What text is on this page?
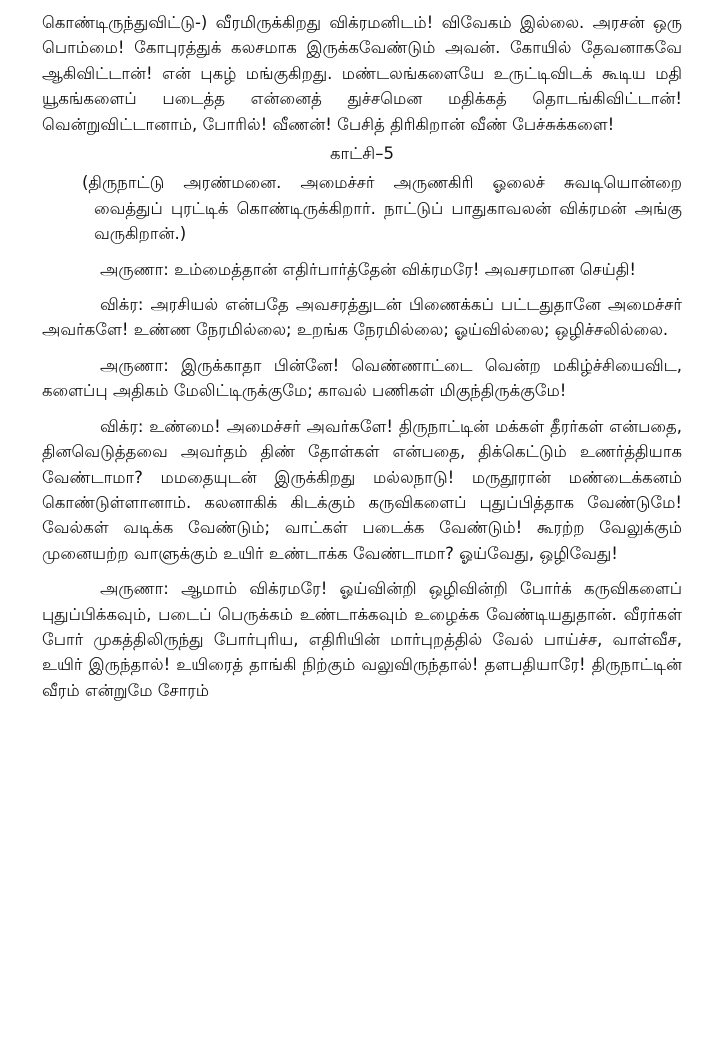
கொண்டிருந்துவிட்டு-) வீரமிருக்கிறது விக்ரமனிடம்! விவேகம் இல்லை. அரசன் ஒரு பொம்மை! கோபுரத்துக் கலசமாக இருக்கவேண்டும் அவன். கோயில் தேவனாகவே ஆகிவிட்டான்! என் புகழ் மங்குகிறது. மண்டலங்களையே உருட்டிவிடக் கூடிய மதி யூகங்களைப் படைத்த என்னைத் துச்சமென மதிக்கத் தொடங்கிவிட்டான்! வென்றுவிட்டானாம், போரில்! வீணன்! பேசித் திரிகிறான் வீண் பேச்சுக்களை!

காட்சி–5

(திருநாட்டு அரண்மனை. அமைச்சர் அருணகிரி ஓலைச் சுவடியொன்றை வைத்துப் புரட்டிக் கொண்டிருக்கிறார். நாட்டுப் பாதுகாவலன் விக்ரமன் அங்கு வருகிறான்.)

அருணா: உம்மைத்தான் எதிர்பார்த்தேன் விக்ரமரே! அவசரமான செய்தி!

விக்ர: அரசியல் என்பதே அவசரத்துடன் பிணைக்கப் பட்டதுதானே அமைச்சர் அவர்களே! உண்ண நேரமில்லை; உறங்க நேரமில்லை; ஓய்வில்லை; ஒழிச்சலில்லை.

அருணா: இருக்காதா பின்னே! வெண்ணாட்டை வென்ற மகிழ்ச்சியைவிட, களைப்பு அதிகம் மேலிட்டிருக்குமே; காவல் பணிகள் மிகுந்திருக்குமே!

விக்ர: உண்மை! அமைச்சர் அவர்களே! திருநாட்டின் மக்கள் தீரர்கள் என்பதை, தினவெடுத்தவை அவர்தம் திண் தோள்கள் என்பதை, திக்கெட்டும் உணர்த்தியாக வேண்டாமா? மமதையுடன் இருக்கிறது மல்லநாடு! மருதூரான் மண்டைக்கனம் கொண்டுள்ளானாம். கலனாகிக் கிடக்கும் கருவிகளைப் புதுப்பித்தாக வேண்டுமே! வேல்கள் வடிக்க வேண்டும்; வாட்கள் படைக்க வேண்டும்! கூரற்ற வேலுக்கும் முனையற்ற வாளுக்கும் உயிர் உண்டாக்க வேண்டாமா? ஓய்வேது, ஒழிவேது!

அருணா: ஆமாம் விக்ரமரே! ஓய்வின்றி ஒழிவின்றி போர்க் கருவிகளைப் புதுப்பிக்கவும், படைப் பெருக்கம் உண்டாக்கவும் உழைக்க வேண்டியதுதான். வீரர்கள் போர் முகத்திலிருந்து போர்புரிய, எதிரியின் மார்புறத்தில் வேல் பாய்ச்ச, வாள்வீச, உயிர் இருந்தால்! உயிரைத் தாங்கி நிற்கும் வலுவிருந்தால்! தளபதியாரே! திருநாட்டின் வீரம் என்றுமே சோரம்
